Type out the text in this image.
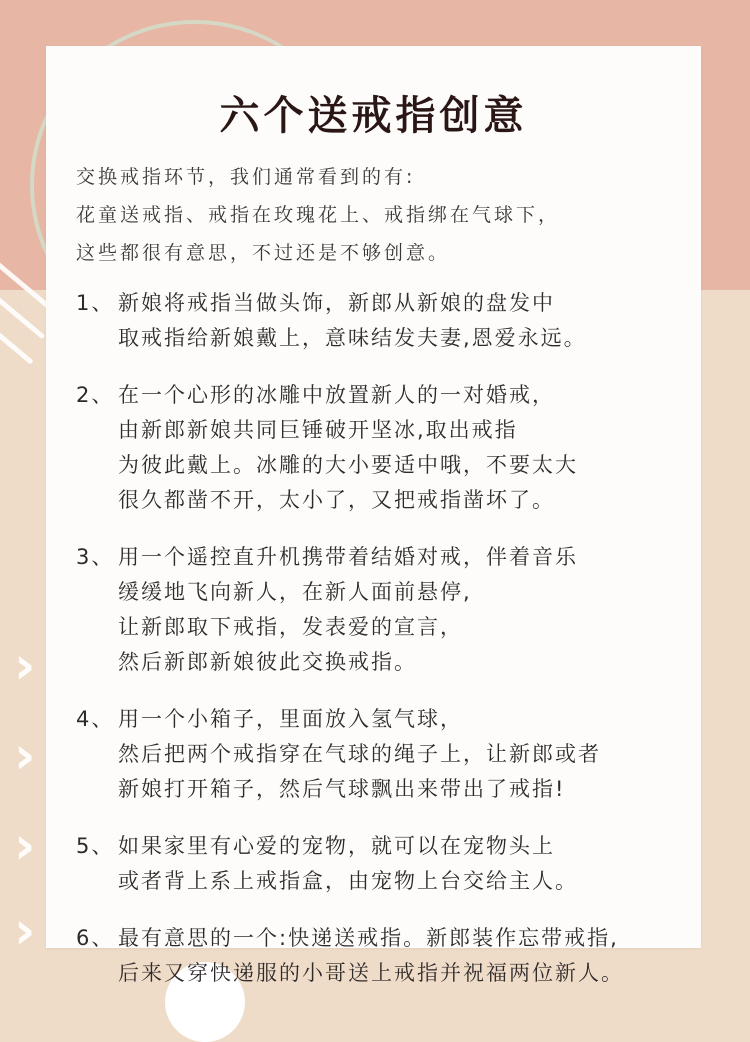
›
›
›
›
六个送戒指创意
交换戒指环节，我们通常看到的有:
花童送戒指、戒指在玫瑰花上、戒指绑在气球下，
这些都很有意思，不过还是不够创意。
1、 新娘将戒指当做头饰，新郎从新娘的盘发中
取戒指给新娘戴上，意味结发夫妻,恩爱永远。
2、 在一个心形的冰雕中放置新人的一对婚戒，
由新郎新娘共同巨锤破开坚冰,取出戒指
为彼此戴上。冰雕的大小要适中哦，不要太大
很久都凿不开，太小了，又把戒指凿坏了。
3、 用一个遥控直升机携带着结婚对戒，伴着音乐
缓缓地飞向新人，在新人面前悬停,
让新郎取下戒指，发表爱的宣言，
然后新郎新娘彼此交换戒指。
4、 用一个小箱子，里面放入氢气球，
然后把两个戒指穿在气球的绳子上，让新郎或者
新娘打开箱子，然后气球飘出来带出了戒指!
5、 如果家里有心爱的宠物，就可以在宠物头上
或者背上系上戒指盒，由宠物上台交给主人。
6、 最有意思的一个:快递送戒指。新郎装作忘带戒指,
后来又穿快递服的小哥送上戒指并祝福两位新人。
